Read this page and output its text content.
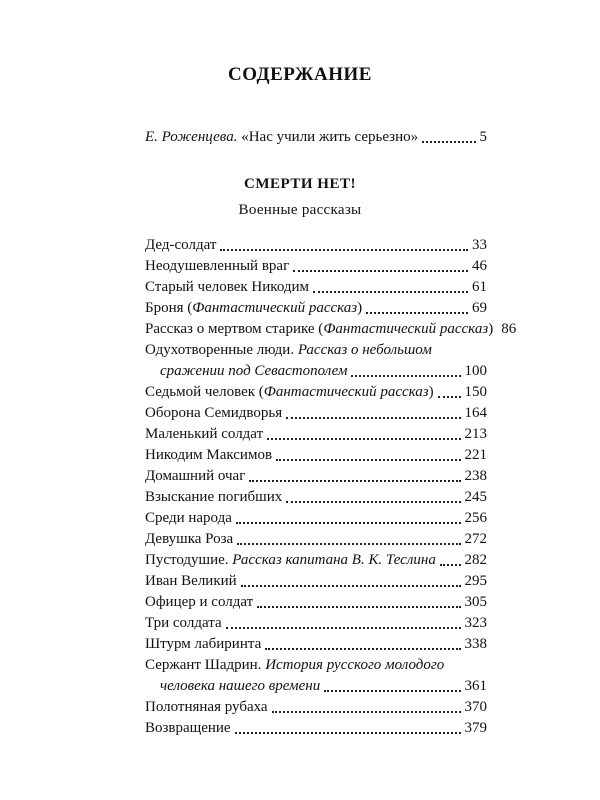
СОДЕРЖАНИЕ
Е. Роженцева. «Нас учили жить серьезно»	5
СМЕРТИ НЕТ!
Военные рассказы
Дед-солдат	33
Неодушевленный враг	46
Старый человек Никодим	61
Броня (Фантастический рассказ)	69
Рассказ о мертвом старике (Фантастический рассказ) 86
Одухотворенные люди. Рассказ о небольшом
сражении под Севастополем	100
Седьмой человек (Фантастический рассказ) 150
Оборона Семидворья	164
Маленький солдат	213
Никодим Максимов	221
Домашний очаг	238
Взыскание погибших	245
Среди народа	256
Девушка Роза	272
Пустодушие. Рассказ капитана В. К. Теслина 282
Иван Великий	295
Офицер и солдат	305
Три солдата	323
Штурм лабиринта	338
Сержант Шадрин. История русского молодого
человека нашего времени	361
Полотняная рубаха	370
Возвращение	379
